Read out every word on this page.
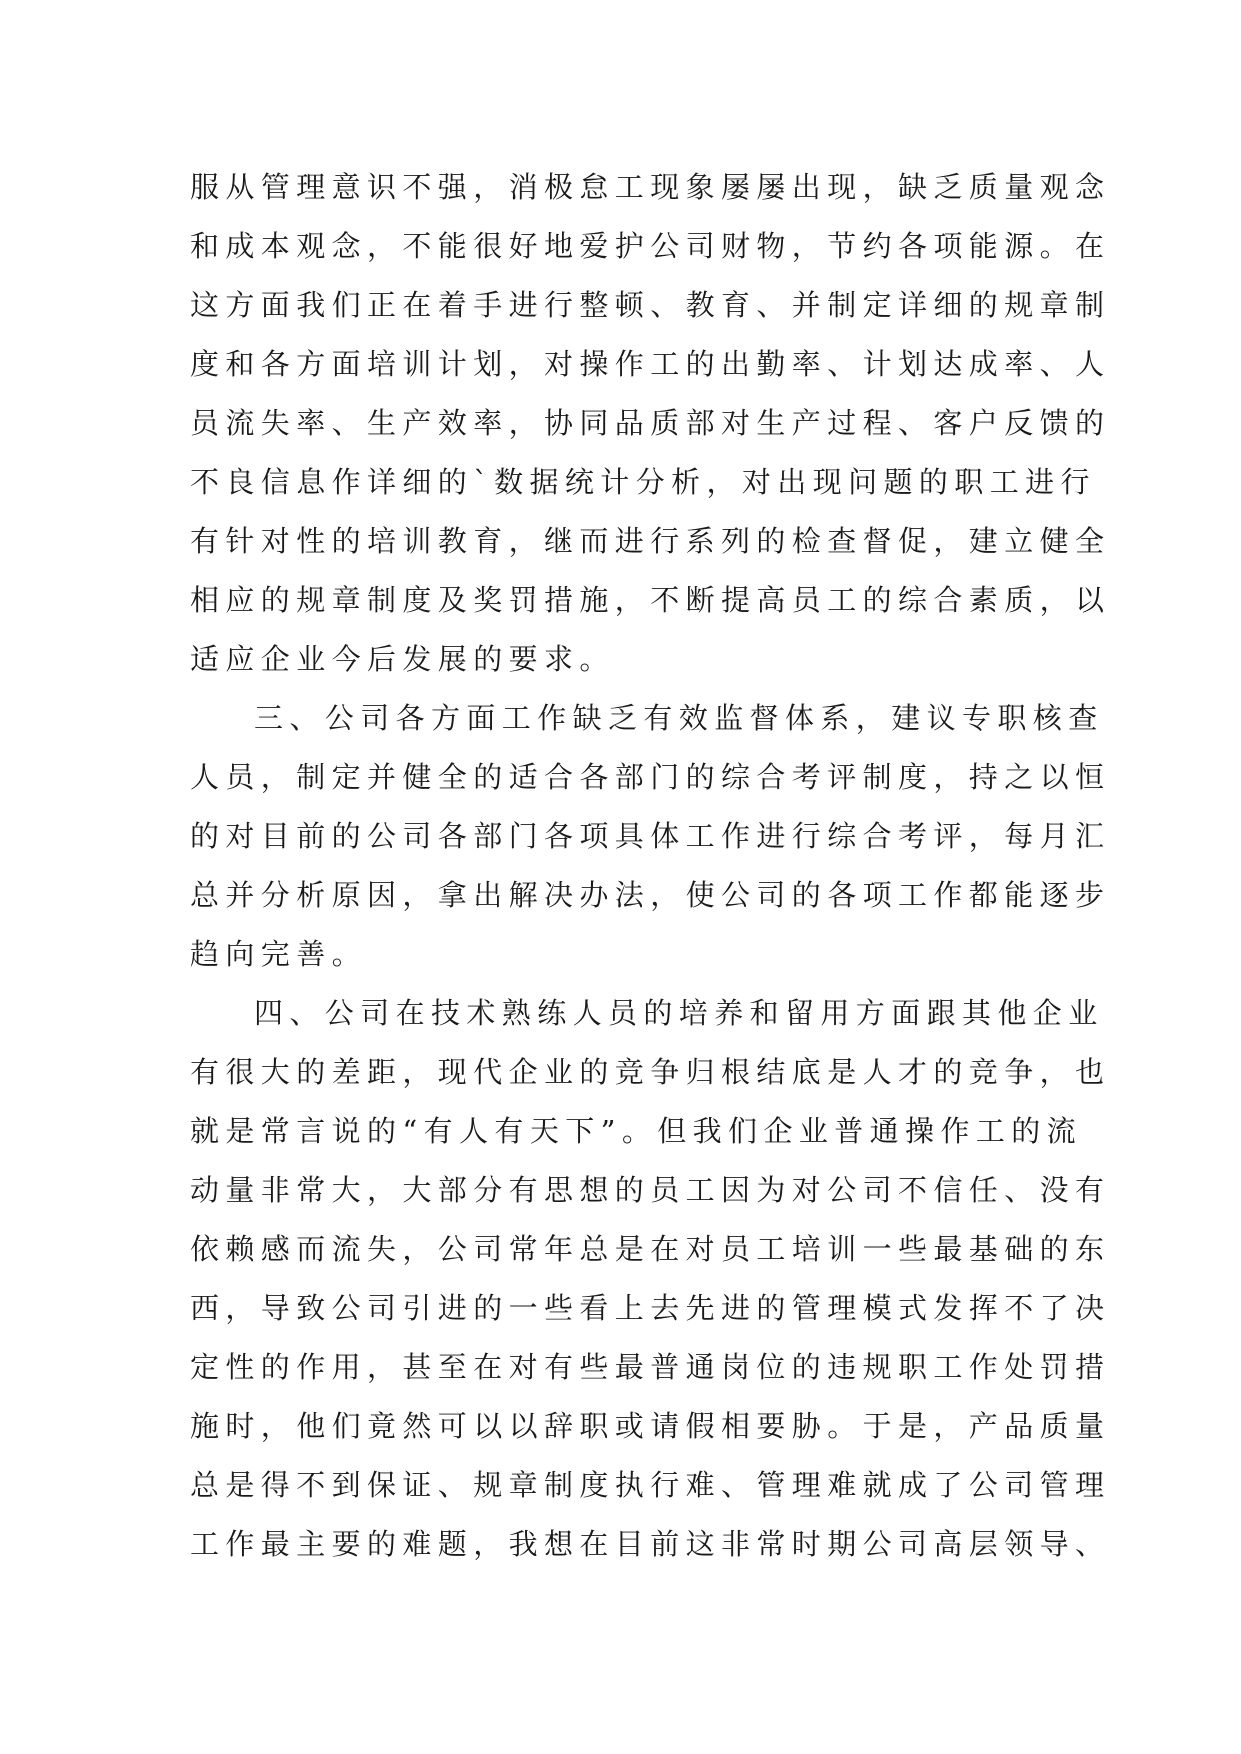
服从管理意识不强，消极怠工现象屡屡出现，缺乏质量观念
和成本观念，不能很好地爱护公司财物，节约各项能源。在
这方面我们正在着手进行整顿、教育、并制定详细的规章制
度和各方面培训计划，对操作工的出勤率、计划达成率、人
员流失率、生产效率，协同品质部对生产过程、客户反馈的
不良信息作详细的`数据统计分析，对出现问题的职工进行
有针对性的培训教育，继而进行系列的检查督促，建立健全
相应的规章制度及奖罚措施，不断提高员工的综合素质，以
适应企业今后发展的要求。
三、公司各方面工作缺乏有效监督体系，建议专职核查
人员，制定并健全的适合各部门的综合考评制度，持之以恒
的对目前的公司各部门各项具体工作进行综合考评，每月汇
总并分析原因，拿出解决办法，使公司的各项工作都能逐步
趋向完善。
四、公司在技术熟练人员的培养和留用方面跟其他企业
有很大的差距，现代企业的竞争归根结底是人才的竞争，也
就是常言说的“有人有天下”。但我们企业普通操作工的流
动量非常大，大部分有思想的员工因为对公司不信任、没有
依赖感而流失，公司常年总是在对员工培训一些最基础的东
西，导致公司引进的一些看上去先进的管理模式发挥不了决
定性的作用，甚至在对有些最普通岗位的违规职工作处罚措
施时，他们竟然可以以辞职或请假相要胁。于是，产品质量
总是得不到保证、规章制度执行难、管理难就成了公司管理
工作最主要的难题，我想在目前这非常时期公司高层领导、
